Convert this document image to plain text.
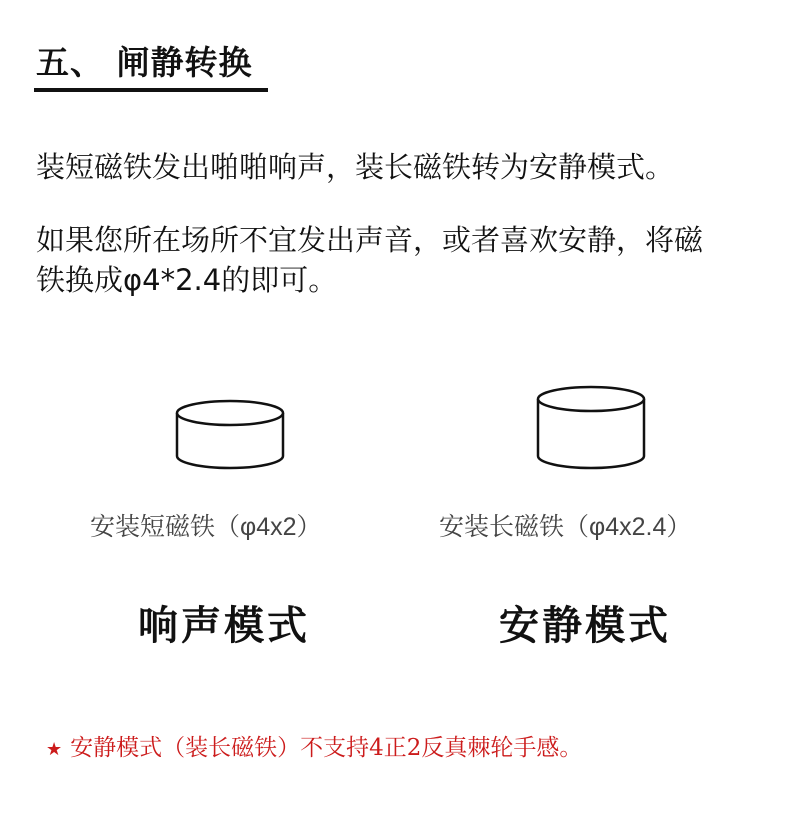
五、 闸静转换
装短磁铁发出啪啪响声，装长磁铁转为安静模式。
如果您所在场所不宜发出声音，或者喜欢安静，将磁
铁换成φ4*2.4的即可。
安装短磁铁（φ4x2）	安装长磁铁（φ4x2.4）
响声模式	安静模式
★ 安静模式（装长磁铁）不支持4正2反真棘轮手感。
